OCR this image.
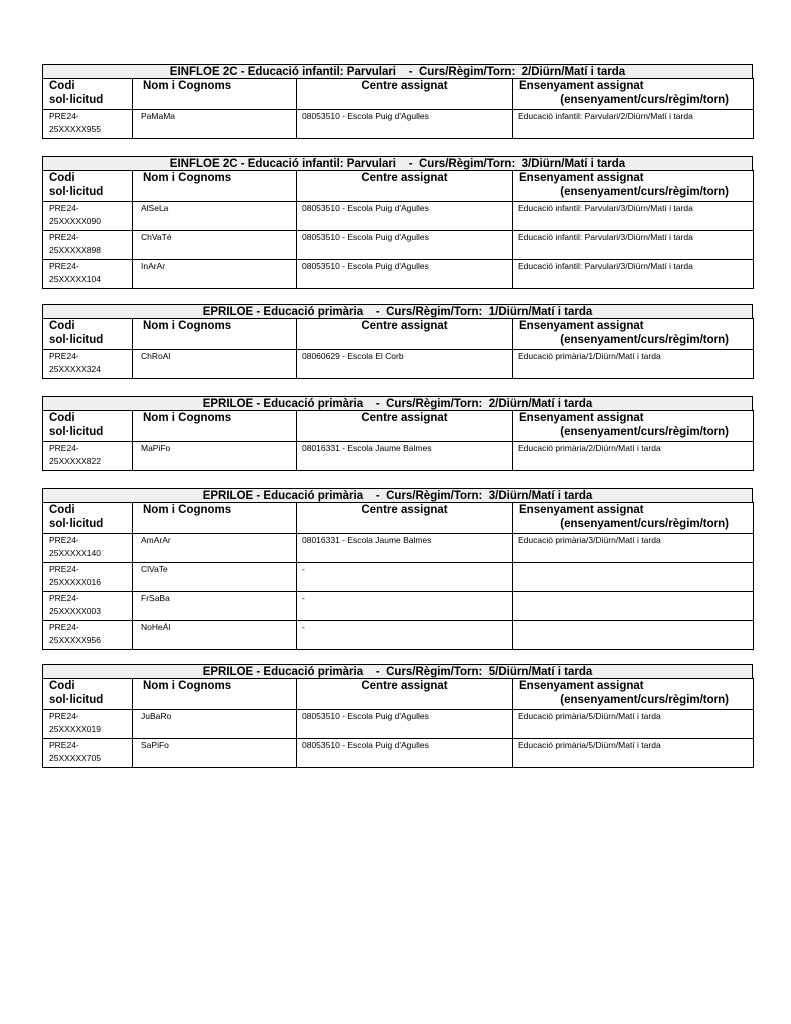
EINFLOE 2C - Educació infantil: Parvulari    -  Curs/Règim/Torn:  2/Diürn/Matí i tarda
Codi
sol·licitud	Nom i Cognoms	Centre assignat	Ensenyament assignat
(ensenyament/curs/règim/torn)

PRE24-
25XXXXX955	PaMaMa	08053510 - Escola Puig d'Agulles	Educació infantil: Parvulari/2/Diürn/Matí i tarda
EINFLOE 2C - Educació infantil: Parvulari    -  Curs/Règim/Torn:  3/Diürn/Matí i tarda
Codi
sol·licitud	Nom i Cognoms	Centre assignat	Ensenyament assignat
(ensenyament/curs/règim/torn)

PRE24-
25XXXXX090	AlSeLa	08053510 - Escola Puig d'Agulles	Educació infantil: Parvulari/3/Diürn/Matí i tarda
PRE24-
25XXXXX898	ChVaTé	08053510 - Escola Puig d'Agulles	Educació infantil: Parvulari/3/Diürn/Matí i tarda
PRE24-
25XXXXX104	InArAr	08053510 - Escola Puig d'Agulles	Educació infantil: Parvulari/3/Diürn/Matí i tarda
EPRILOE - Educació primària    -  Curs/Règim/Torn:  1/Diürn/Matí i tarda
Codi
sol·licitud	Nom i Cognoms	Centre assignat	Ensenyament assignat
(ensenyament/curs/règim/torn)

PRE24-
25XXXXX324	ChRoAl	08060629 - Escola El Corb	Educació primària/1/Diürn/Matí i tarda
EPRILOE - Educació primària    -  Curs/Règim/Torn:  2/Diürn/Matí i tarda
Codi
sol·licitud	Nom i Cognoms	Centre assignat	Ensenyament assignat
(ensenyament/curs/règim/torn)

PRE24-
25XXXXX822	MaPiFo	08016331 - Escola Jaume Balmes	Educació primària/2/Diürn/Matí i tarda
EPRILOE - Educació primària    -  Curs/Règim/Torn:  3/Diürn/Matí i tarda
Codi
sol·licitud	Nom i Cognoms	Centre assignat	Ensenyament assignat
(ensenyament/curs/règim/torn)

PRE24-
25XXXXX140	AmArAr	08016331 - Escola Jaume Balmes	Educació primària/3/Diürn/Matí i tarda
PRE24-
25XXXXX016	ClVaTe	-	
PRE24-
25XXXXX003	FrSaBa	-	
PRE24-
25XXXXX956	NoHeÁl	-	
EPRILOE - Educació primària    -  Curs/Règim/Torn:  5/Diürn/Matí i tarda
Codi
sol·licitud	Nom i Cognoms	Centre assignat	Ensenyament assignat
(ensenyament/curs/règim/torn)

PRE24-
25XXXXX019	JuBaRo	08053510 - Escola Puig d'Agulles	Educació primària/5/Diürn/Matí i tarda
PRE24-
25XXXXX705	SaPiFo	08053510 - Escola Puig d'Agulles	Educació primària/5/Diürn/Matí i tarda
